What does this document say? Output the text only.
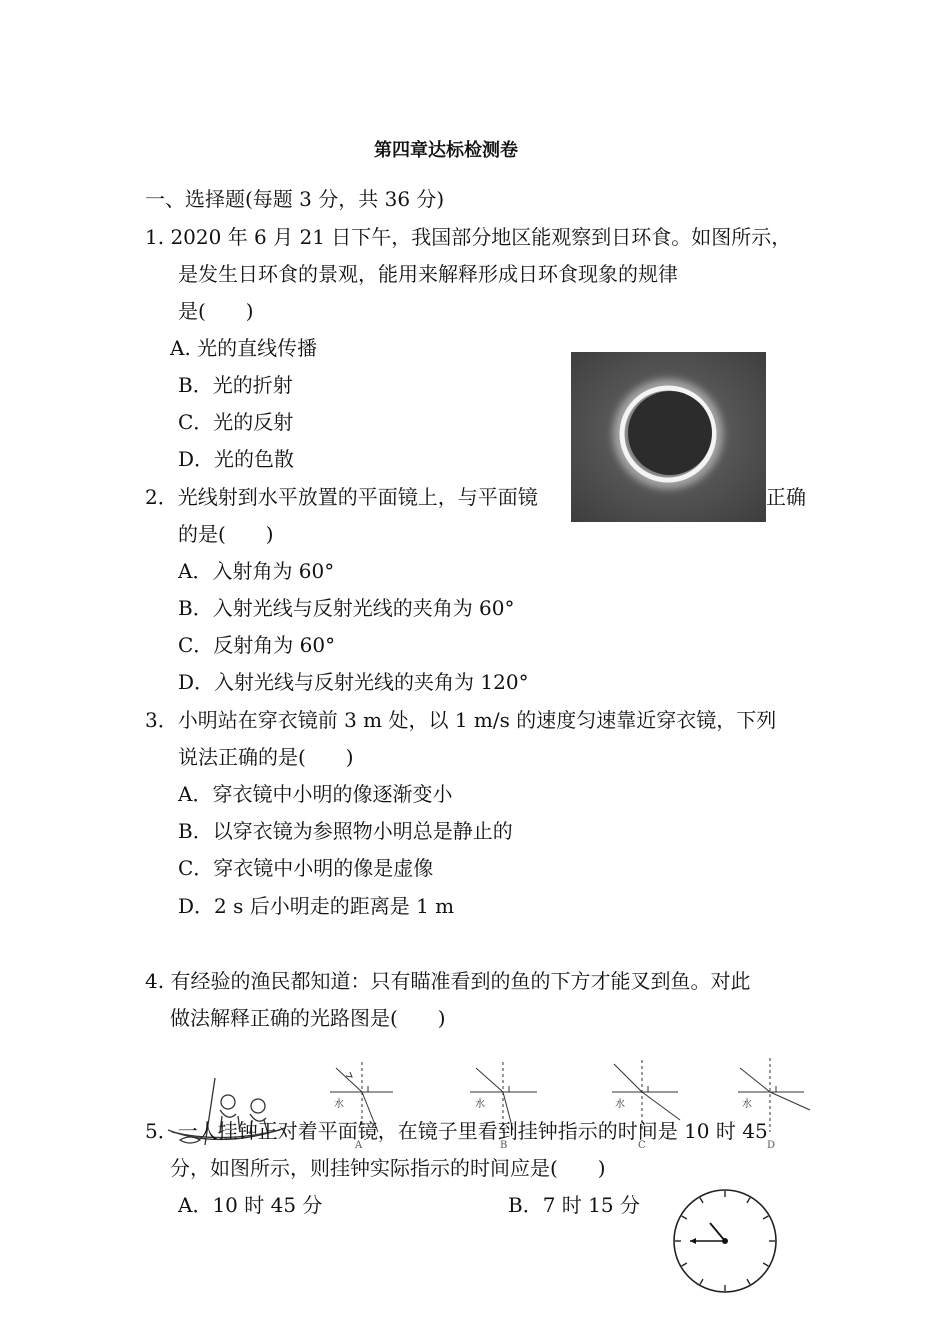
第四章达标检测卷
一、选择题(每题 3 分，共 36 分)
1. 2020 年 6 月 21 日下午，我国部分地区能观察到日环食。如图所示，
是发生日环食的景观，能用来解释形成日环食现象的规律
是(　　)
A. 光的直线传播
B．光的折射
C．光的反射
D．光的色散
2．光线射到水平放置的平面镜上，与平面镜	正确
的是(　　)
A．入射角为 60°
B．入射光线与反射光线的夹角为 60°
C．反射角为 60°
D．入射光线与反射光线的夹角为 120°
3．小明站在穿衣镜前 3 m 处，以 1 m/s 的速度匀速靠近穿衣镜，下列
说法正确的是(　　)
A．穿衣镜中小明的像逐渐变小
B．以穿衣镜为参照物小明总是静止的
C．穿衣镜中小明的像是虚像
D．2 s 后小明走的距离是 1 m
4. 有经验的渔民都知道：只有瞄准看到的鱼的下方才能叉到鱼。对此
做法解释正确的光路图是(　　)
水
A
水
B
水
C
水
D
5．一人挂钟正对着平面镜，在镜子里看到挂钟指示的时间是 10 时 45
分，如图所示，则挂钟实际指示的时间应是(　　)
A．10 时 45 分	B．7 时 15 分
